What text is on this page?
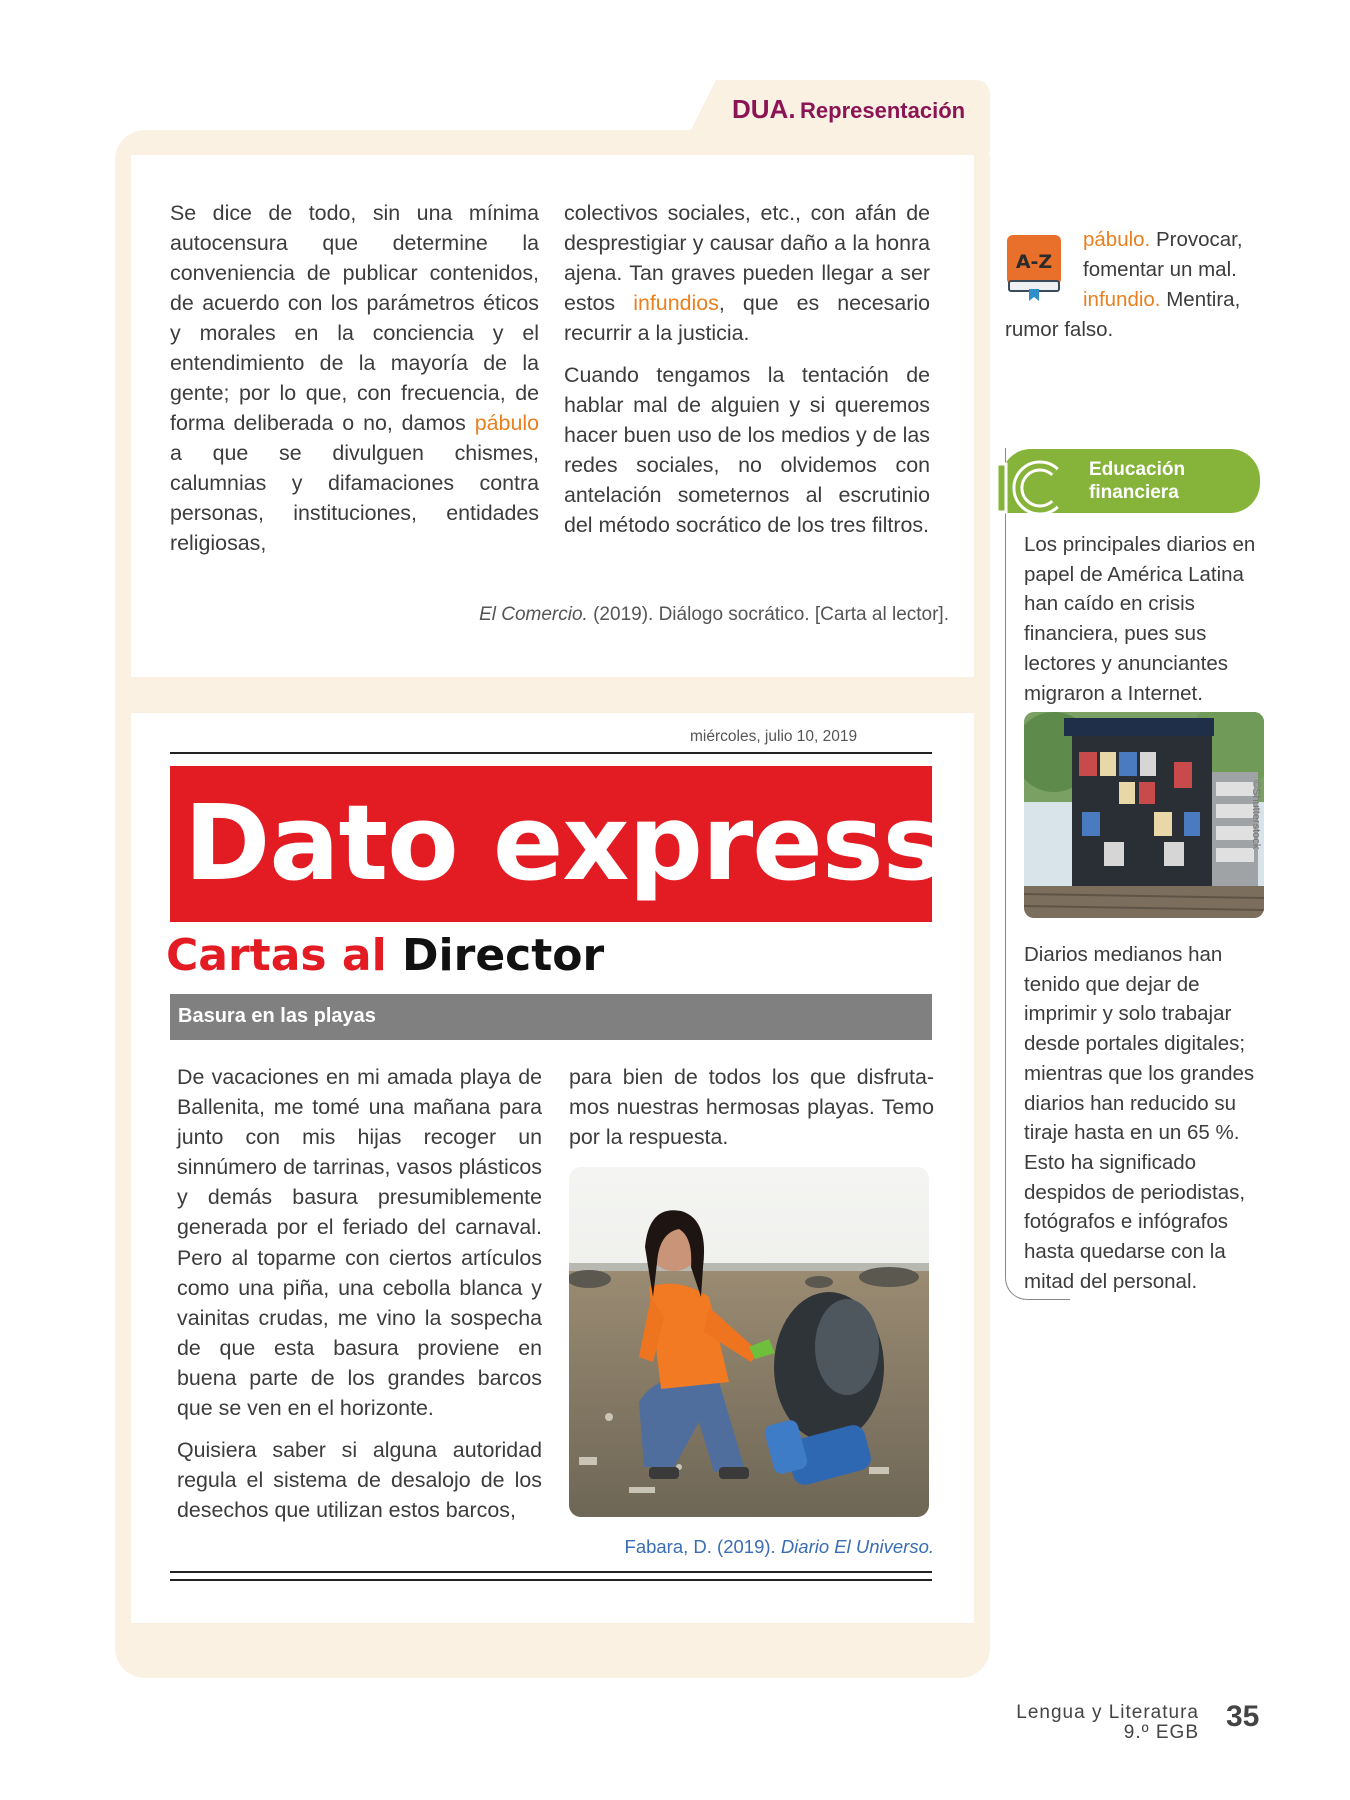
DUA. Representación

Se dice de todo, sin una mínima autocensura que determine la conveniencia de publicar contenidos, de acuerdo con los parámetros éticos y morales en la conciencia y el entendimiento de la mayoría de la gente; por lo que, con frecuencia, de forma deliberada o no, damos pábulo a que se divulguen chismes, calumnias y difamaciones contra personas, instituciones, entidades religiosas,

colectivos sociales, etc., con afán de desprestigiar y causar daño a la honra ajena. Tan graves pueden llegar a ser estos infundios, que es necesario recurrir a la justicia.

Cuando tengamos la tentación de hablar mal de alguien y si queremos hacer buen uso de los medios y de las redes sociales, no olvidemos con antelación someternos al escrutinio del método socrático de los tres filtros.

El Comercio. (2019). Diálogo socrático. [Carta al lector].
miércoles, julio 10, 2019
Dato express
Cartas al Director
Basura en las playas

De vacaciones en mi amada playa de Ballenita, me tomé una mañana para junto con mis hijas recoger un sinnúmero de tarrinas, vasos plásticos y demás basura presumiblemente generada por el feriado del carnaval. Pero al toparme con ciertos artículos como una piña, una cebolla blanca y vainitas crudas, me vino la sospecha de que esta basura proviene en buena parte de los grandes barcos que se ven en el horizonte.

Quisiera saber si alguna autoridad regula el sistema de desalojo de los desechos que utilizan estos barcos,

para bien de todos los que disfruta-mos nuestras hermosas playas. Temo por la respuesta.

Fabara, D. (2019). Diario El Universo.
A-Z
pábulo. Provocar,
fomentar un mal.
infundio. Mentira,
rumor falso.
Educación financiera
Los principales diarios en papel de América Latina han caído en crisis financiera, pues sus lectores y anunciantes migraron a Internet.
©Shutterstock
Diarios medianos han tenido que dejar de imprimir y solo trabajar desde portales digitales; mientras que los grandes diarios han reducido su tiraje hasta en un 65 %. Esto ha significado despidos de periodistas, fotógrafos e infógrafos hasta quedarse con la mitad del personal.
Lengua y Literatura
9.º EGB 35
